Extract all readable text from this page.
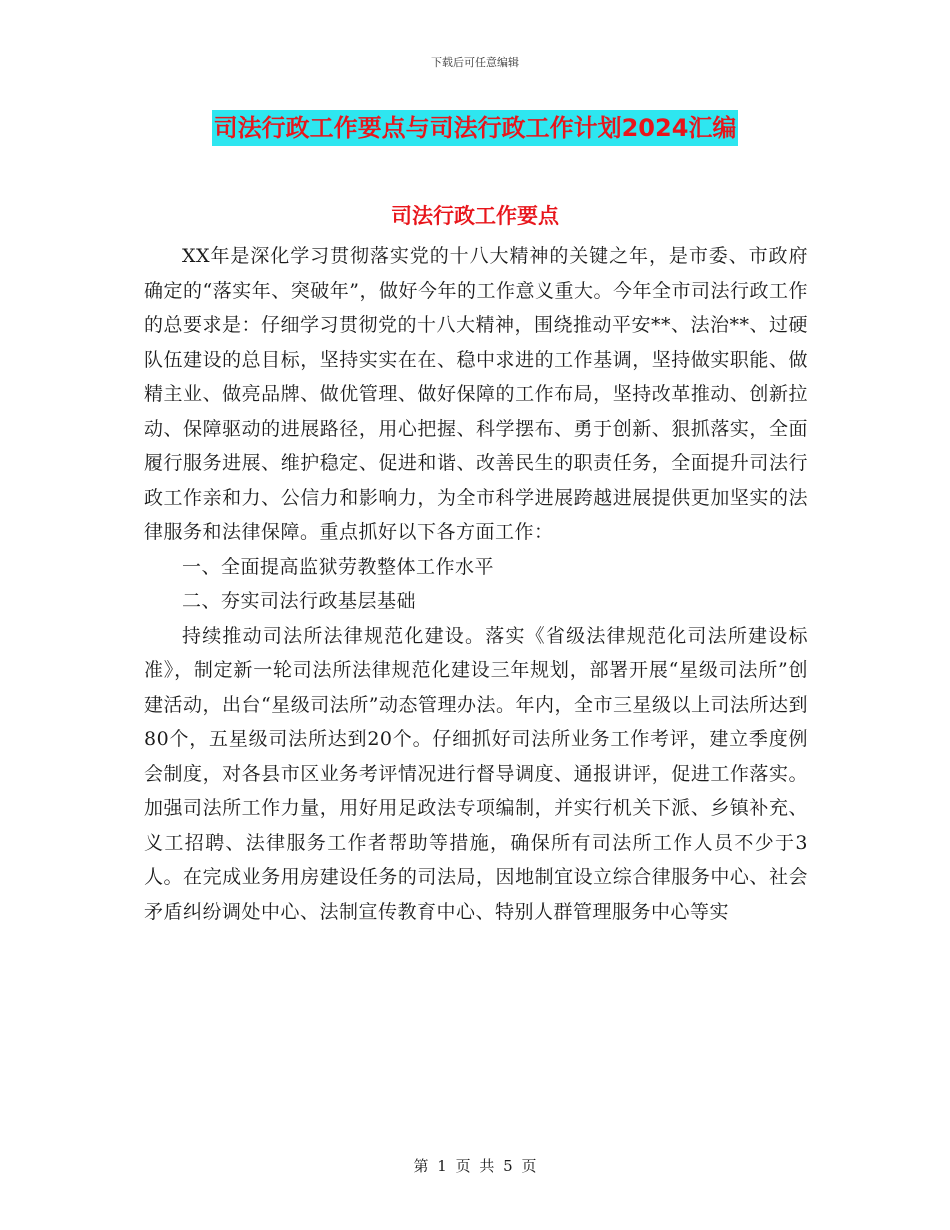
下载后可任意编辑
司法行政工作要点与司法行政工作计划2024汇编
司法行政工作要点

XX年是深化学习贯彻落实党的十八大精神的关键之年，是市委、市政府确定的“落实年、突破年”，做好今年的工作意义重大。今年全市司法行政工作的总要求是：仔细学习贯彻党的十八大精神，围绕推动平安**、法治**、过硬队伍建设的总目标，坚持实实在在、稳中求进的工作基调，坚持做实职能、做精主业、做亮品牌、做优管理、做好保障的工作布局，坚持改革推动、创新拉动、保障驱动的进展路径，用心把握、科学摆布、勇于创新、狠抓落实，全面履行服务进展、维护稳定、促进和谐、改善民生的职责任务，全面提升司法行政工作亲和力、公信力和影响力，为全市科学进展跨越进展提供更加坚实的法律服务和法律保障。重点抓好以下各方面工作：

一、全面提高监狱劳教整体工作水平

二、夯实司法行政基层基础

持续推动司法所法律规范化建设。落实《省级法律规范化司法所建设标准》，制定新一轮司法所法律规范化建设三年规划，部署开展“星级司法所”创建活动，出台“星级司法所”动态管理办法。年内，全市三星级以上司法所达到80个，五星级司法所达到20个。仔细抓好司法所业务工作考评，建立季度例会制度，对各县市区业务考评情况进行督导调度、通报讲评，促进工作落实。加强司法所工作力量，用好用足政法专项编制，并实行机关下派、乡镇补充、义工招聘、法律服务工作者帮助等措施，确保所有司法所工作人员不少于3人。在完成业务用房建设任务的司法局，因地制宜设立综合律服务中心、社会矛盾纠纷调处中心、法制宣传教育中心、特别人群管理服务中心等实

第 1 页 共 5 页
